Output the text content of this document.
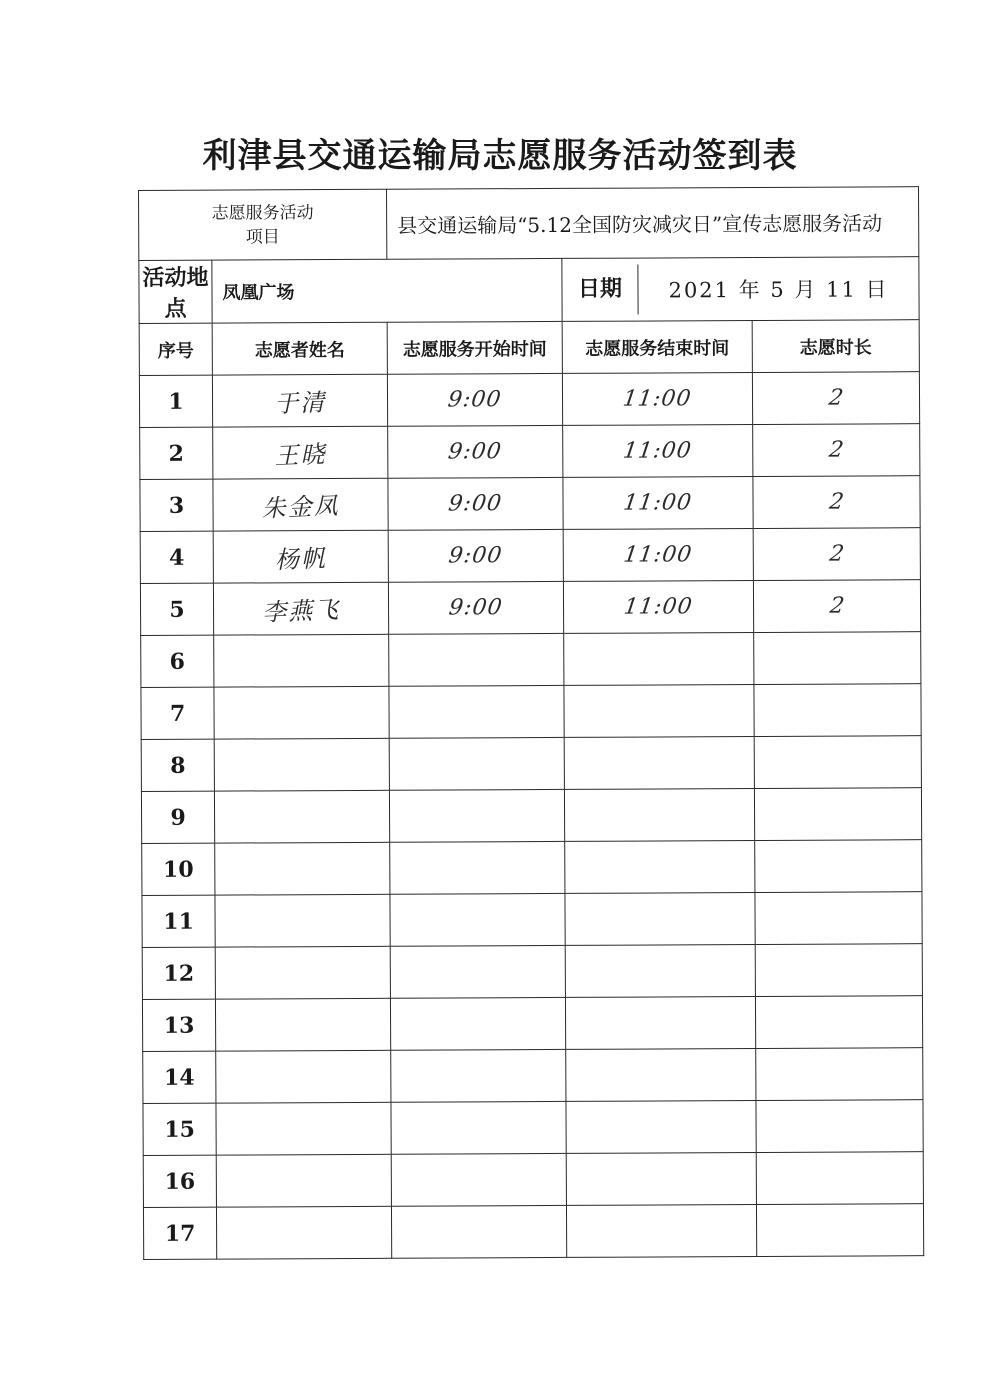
利津县交通运输局志愿服务活动签到表
志愿服务活动
项目		县交通运输局“5.12全国防灾减灾日”宣传志愿服务活动		
活动地点	凤凰广场		日期 2021 年 5 月 11 日	

序号	志愿者姓名	志愿服务开始时间	志愿服务结束时间	志愿时长
1	于清	9:00	11:00	2
2	王晓	9:00	11:00	2
3	朱金凤	9:00	11:00	2
4	杨帆	9:00	11:00	2
5	李燕飞	9:00	11:00	2
6				
7				
8				
9				
10				
11				
12				
13				
14				
15				
16				
17				
